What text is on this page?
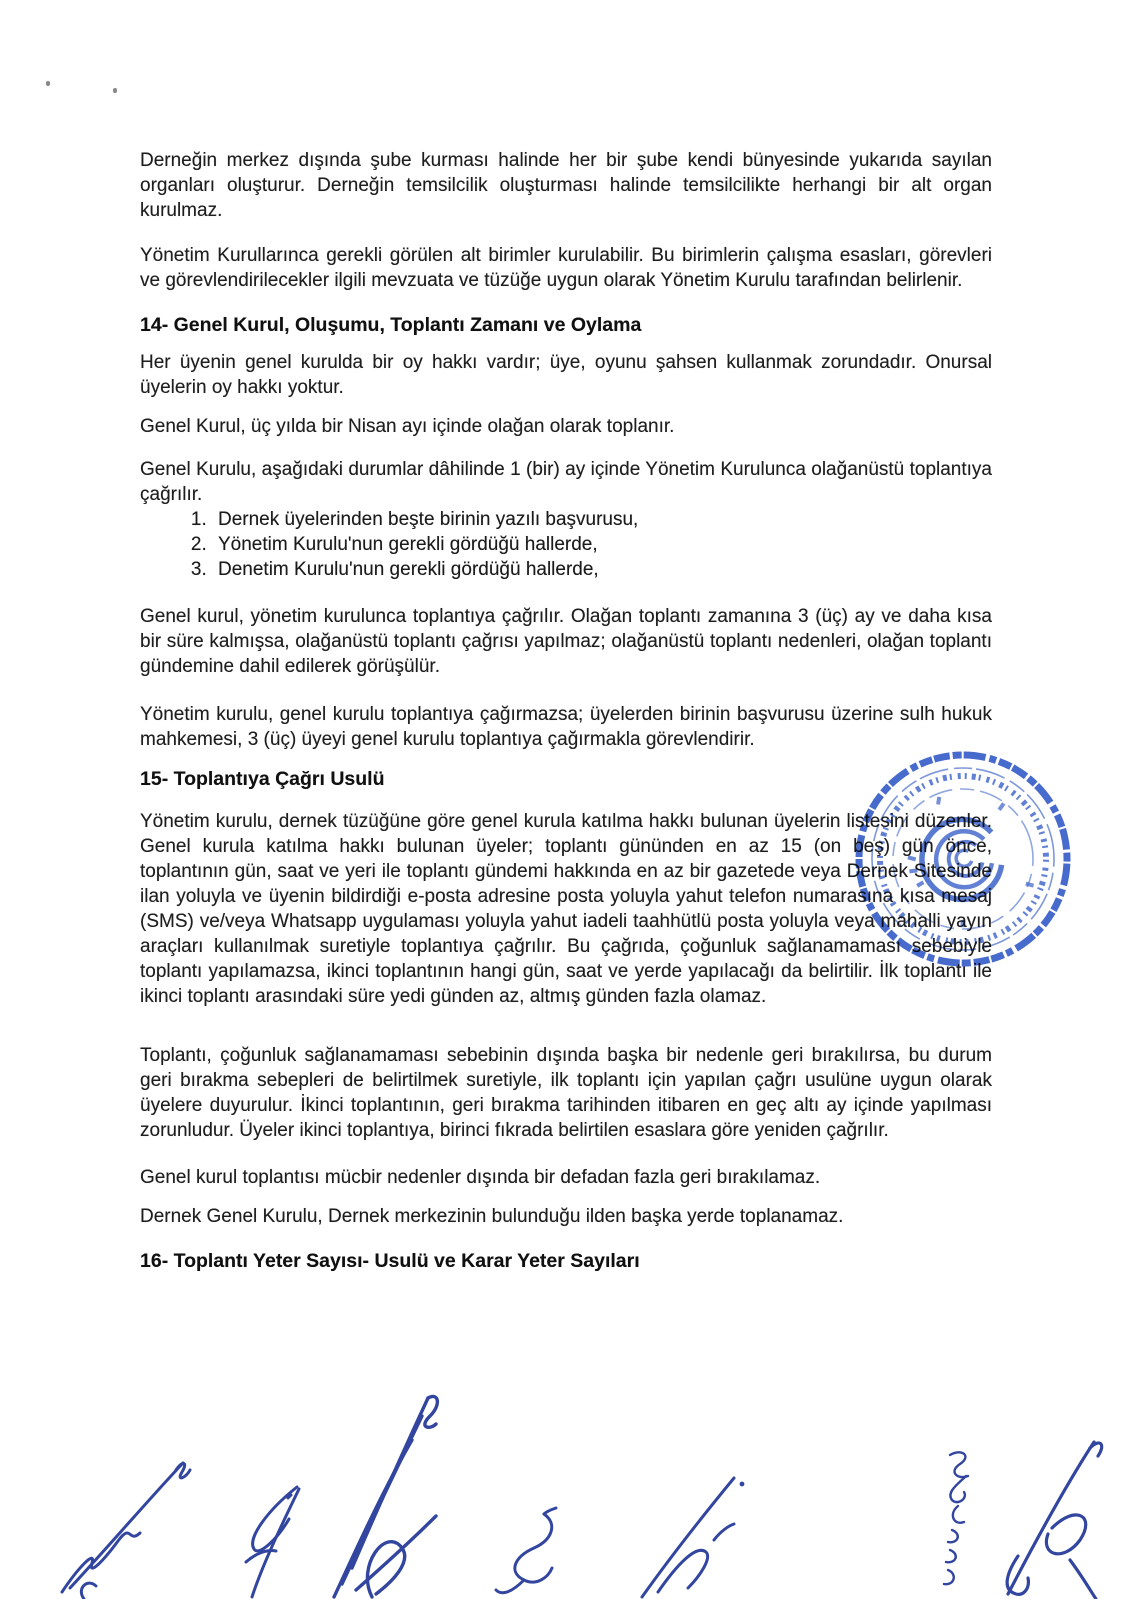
Derneğin merkez dışında şube kurması halinde her bir şube kendi bünyesinde yukarıda sayılan organları oluşturur. Derneğin temsilcilik oluşturması halinde temsilcilikte herhangi bir alt organ kurulmaz.

Yönetim Kurullarınca gerekli görülen alt birimler kurulabilir. Bu birimlerin çalışma esasları, görevleri ve görevlendirilecekler ilgili mevzuata ve tüzüğe uygun olarak Yönetim Kurulu tarafından belirlenir.

14- Genel Kurul, Oluşumu, Toplantı Zamanı ve Oylama

Her üyenin genel kurulda bir oy hakkı vardır; üye, oyunu şahsen kullanmak zorundadır. Onursal üyelerin oy hakkı yoktur.

Genel Kurul, üç yılda bir Nisan ayı içinde olağan olarak toplanır.

Genel Kurulu, aşağıdaki durumlar dâhilinde 1 (bir) ay içinde Yönetim Kurulunca olağanüstü toplantıya çağrılır.

1. Dernek üyelerinden beşte birinin yazılı başvurusu,
2. Yönetim Kurulu'nun gerekli gördüğü hallerde,
3. Denetim Kurulu'nun gerekli gördüğü hallerde,

Genel kurul, yönetim kurulunca toplantıya çağrılır. Olağan toplantı zamanına 3 (üç) ay ve daha kısa bir süre kalmışsa, olağanüstü toplantı çağrısı yapılmaz; olağanüstü toplantı nedenleri, olağan toplantı gündemine dahil edilerek görüşülür.

Yönetim kurulu, genel kurulu toplantıya çağırmazsa; üyelerden birinin başvurusu üzerine sulh hukuk mahkemesi, 3 (üç) üyeyi genel kurulu toplantıya çağırmakla görevlendirir.

15- Toplantıya Çağrı Usulü

Yönetim kurulu, dernek tüzüğüne göre genel kurula katılma hakkı bulunan üyelerin listesini düzenler. Genel kurula katılma hakkı bulunan üyeler; toplantı gününden en az 15 (on beş) gün önce, toplantının gün, saat ve yeri ile toplantı gündemi hakkında en az bir gazetede veya Dernek Sitesinde ilan yoluyla ve üyenin bildirdiği e-posta adresine posta yoluyla yahut telefon numarasına kısa mesaj (SMS) ve/veya Whatsapp uygulaması yoluyla yahut iadeli taahhütlü posta yoluyla veya mahalli yayın araçları kullanılmak suretiyle toplantıya çağrılır. Bu çağrıda, çoğunluk sağlanamaması sebebiyle toplantı yapılamazsa, ikinci toplantının hangi gün, saat ve yerde yapılacağı da belirtilir. İlk toplantı ile ikinci toplantı arasındaki süre yedi günden az, altmış günden fazla olamaz.

Toplantı, çoğunluk sağlanamaması sebebinin dışında başka bir nedenle geri bırakılırsa, bu durum geri bırakma sebepleri de belirtilmek suretiyle, ilk toplantı için yapılan çağrı usulüne uygun olarak üyelere duyurulur. İkinci toplantının, geri bırakma tarihinden itibaren en geç altı ay içinde yapılması zorunludur. Üyeler ikinci toplantıya, birinci fıkrada belirtilen esaslara göre yeniden çağrılır.

Genel kurul toplantısı mücbir nedenler dışında bir defadan fazla geri bırakılamaz.

Dernek Genel Kurulu, Dernek merkezinin bulunduğu ilden başka yerde toplanamaz.

16- Toplantı Yeter Sayısı- Usulü ve Karar Yeter Sayıları
